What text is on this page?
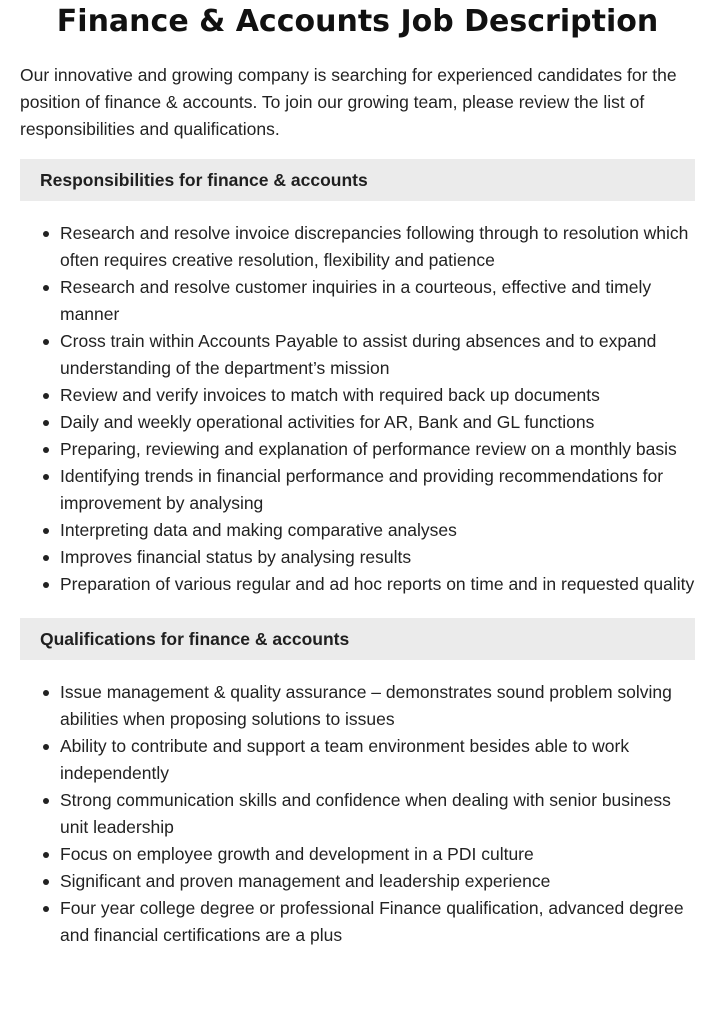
Finance & Accounts Job Description

Our innovative and growing company is searching for experienced candidates for the position of finance & accounts. To join our growing team, please review the list of responsibilities and qualifications.

Responsibilities for finance & accounts
Research and resolve invoice discrepancies following through to resolution which often requires creative resolution, flexibility and patience
Research and resolve customer inquiries in a courteous, effective and timely manner
Cross train within Accounts Payable to assist during absences and to expand understanding of the department’s mission
Review and verify invoices to match with required back up documents
Daily and weekly operational activities for AR, Bank and GL functions
Preparing, reviewing and explanation of performance review on a monthly basis
Identifying trends in financial performance and providing recommendations for improvement by analysing
Interpreting data and making comparative analyses
Improves financial status by analysing results
Preparation of various regular and ad hoc reports on time and in requested quality
Qualifications for finance & accounts
Issue management & quality assurance – demonstrates sound problem solving abilities when proposing solutions to issues
Ability to contribute and support a team environment besides able to work independently
Strong communication skills and confidence when dealing with senior business unit leadership
Focus on employee growth and development in a PDI culture
Significant and proven management and leadership experience
Four year college degree or professional Finance qualification, advanced degree and financial certifications are a plus
